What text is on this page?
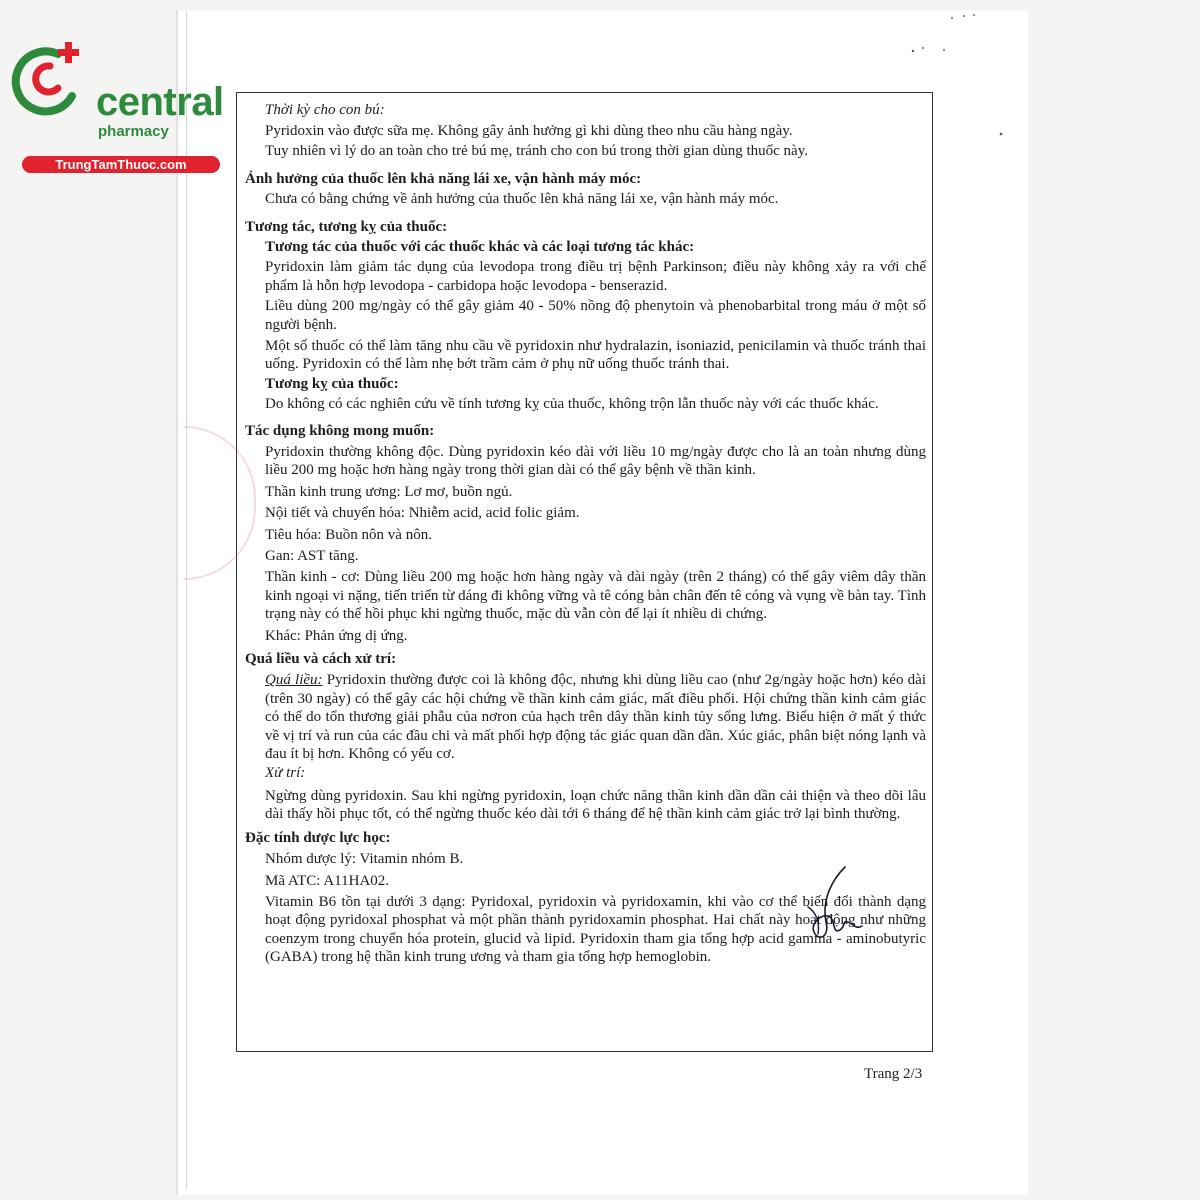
central
pharmacy
TrungTamThuoc.com

Thời kỳ cho con bú:

Pyridoxin vào được sữa mẹ. Không gây ảnh hưởng gì khi dùng theo nhu cầu hàng ngày.

Tuy nhiên vì lý do an toàn cho trẻ bú mẹ, tránh cho con bú trong thời gian dùng thuốc này.

Ảnh hưởng của thuốc lên khả năng lái xe, vận hành máy móc:

Chưa có bằng chứng về ảnh hưởng của thuốc lên khả năng lái xe, vận hành máy móc.

Tương tác, tương kỵ của thuốc:

Tương tác của thuốc với các thuốc khác và các loại tương tác khác:

Pyridoxin làm giảm tác dụng của levodopa trong điều trị bệnh Parkinson; điều này không xảy ra với chế phẩm là hỗn hợp levodopa - carbidopa hoặc levodopa - benserazid.

Liều dùng 200 mg/ngày có thể gây giảm 40 - 50% nồng độ phenytoin và phenobarbital trong máu ở một số người bệnh.

Một số thuốc có thể làm tăng nhu cầu về pyridoxin như hydralazin, isoniazid, penicilamin và thuốc tránh thai uống. Pyridoxin có thể làm nhẹ bớt trầm cảm ở phụ nữ uống thuốc tránh thai.

Tương kỵ của thuốc:

Do không có các nghiên cứu về tính tương kỵ của thuốc, không trộn lẫn thuốc này với các thuốc khác.

Tác dụng không mong muốn:

Pyridoxin thường không độc. Dùng pyridoxin kéo dài với liều 10 mg/ngày được cho là an toàn nhưng dùng liều 200 mg hoặc hơn hàng ngày trong thời gian dài có thể gây bệnh về thần kinh.

Thần kinh trung ương: Lơ mơ, buồn ngủ.

Nội tiết và chuyển hóa: Nhiễm acid, acid folic giảm.

Tiêu hóa: Buồn nôn và nôn.

Gan: AST tăng.

Thần kinh - cơ: Dùng liều 200 mg hoặc hơn hàng ngày và dài ngày (trên 2 tháng) có thể gây viêm dây thần kinh ngoại vi nặng, tiến triển từ dáng đi không vững và tê cóng bàn chân đến tê cóng và vụng về bàn tay. Tình trạng này có thể hồi phục khi ngừng thuốc, mặc dù vẫn còn để lại ít nhiều di chứng.

Khác: Phản ứng dị ứng.

Quá liều và cách xử trí:

Quá liều: Pyridoxin thường được coi là không độc, nhưng khi dùng liều cao (như 2g/ngày hoặc hơn) kéo dài (trên 30 ngày) có thể gây các hội chứng về thần kinh cảm giác, mất điều phối. Hội chứng thần kinh cảm giác có thể do tổn thương giải phẫu của nơron của hạch trên dây thần kinh tủy sống lưng. Biểu hiện ở mất ý thức về vị trí và run của các đầu chi và mất phối hợp động tác giác quan dần dần. Xúc giác, phân biệt nóng lạnh và đau ít bị hơn. Không có yếu cơ.

Xử trí:

Ngừng dùng pyridoxin. Sau khi ngừng pyridoxin, loạn chức năng thần kinh dần dần cải thiện và theo dõi lâu dài thấy hồi phục tốt, có thể ngừng thuốc kéo dài tới 6 tháng để hệ thần kinh cảm giác trở lại bình thường.

Đặc tính dược lực học:

Nhóm dược lý: Vitamin nhóm B.

Mã ATC: A11HA02.

Vitamin B6 tồn tại dưới 3 dạng: Pyridoxal, pyridoxin và pyridoxamin, khi vào cơ thể biến đổi thành dạng hoạt động pyridoxal phosphat và một phần thành pyridoxamin phosphat. Hai chất này hoạt động như những coenzym trong chuyển hóa protein, glucid và lipid. Pyridoxin tham gia tổng hợp acid gamma - aminobutyric (GABA) trong hệ thần kinh trung ương và tham gia tổng hợp hemoglobin.

Trang 2/3
